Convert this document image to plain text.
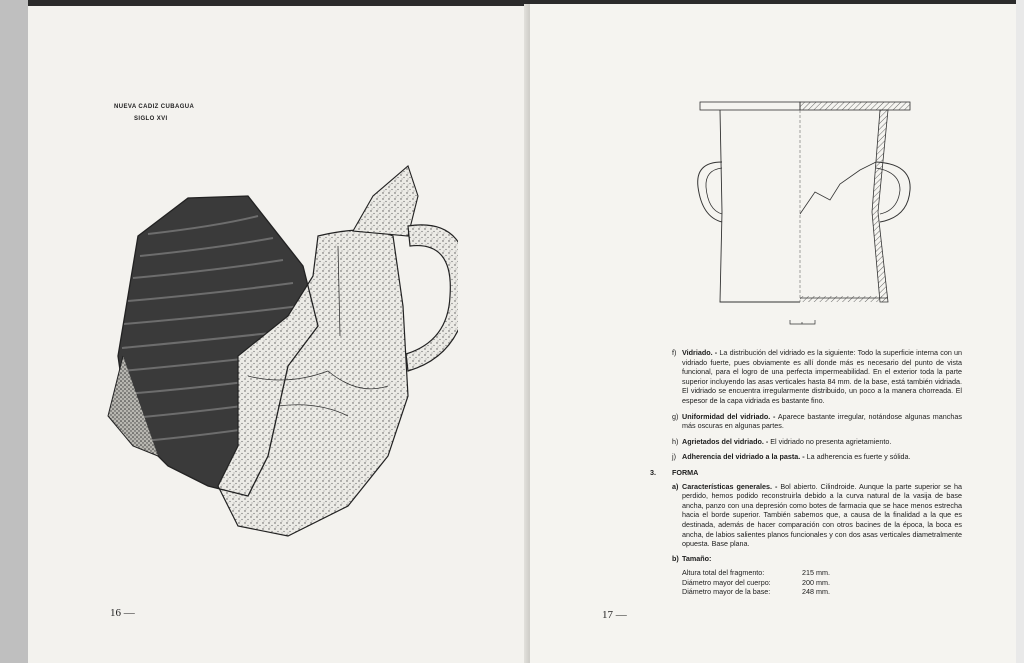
NUEVA CADIZ CUBAGUA
SIGLO XVI
16 —

f) Vidriado. - La distribución del vidriado es la siguiente: Todo la superficie interna con un vidriado fuerte, pues obviamente es allí donde más es necesario del punto de vista funcional, para el logro de una perfecta impermeabilidad. En el exterior toda la parte superior incluyendo las asas verticales hasta 84 mm. de la base, está también vidriada. El vidriado se encuentra irregularmente distribuido, un poco a la manera chorreada. El espesor de la capa vidriada es bastante fino.

g) Uniformidad del vidriado. - Aparece bastante irregular, notándose algunas manchas más oscuras en algunas partes.

h) Agrietados del vidriado. - El vidriado no presenta agrietamiento.

j) Adherencia del vidriado a la pasta. - La adherencia es fuerte y sólida.

3. FORMA

a) Características generales. - Bol abierto. Cilindroide. Aunque la parte superior se ha perdido, hemos podido reconstruirla debido a la curva natural de la vasija de base ancha, panzo con una depresión como botes de farmacia que se hace menos estrecha hacia el borde superior. También sabemos que, a causa de la finalidad a la que es destinada, además de hacer comparación con otros bacines de la época, la boca es ancha, de labios salientes planos funcionales y con dos asas verticales diametralmente opuesta. Base plana.

b) Tamaño:
Altura total del fragmento:	215 mm.
Diámetro mayor del cuerpo:	200 mm.
Diámetro mayor de la base:	248 mm.
17 —
